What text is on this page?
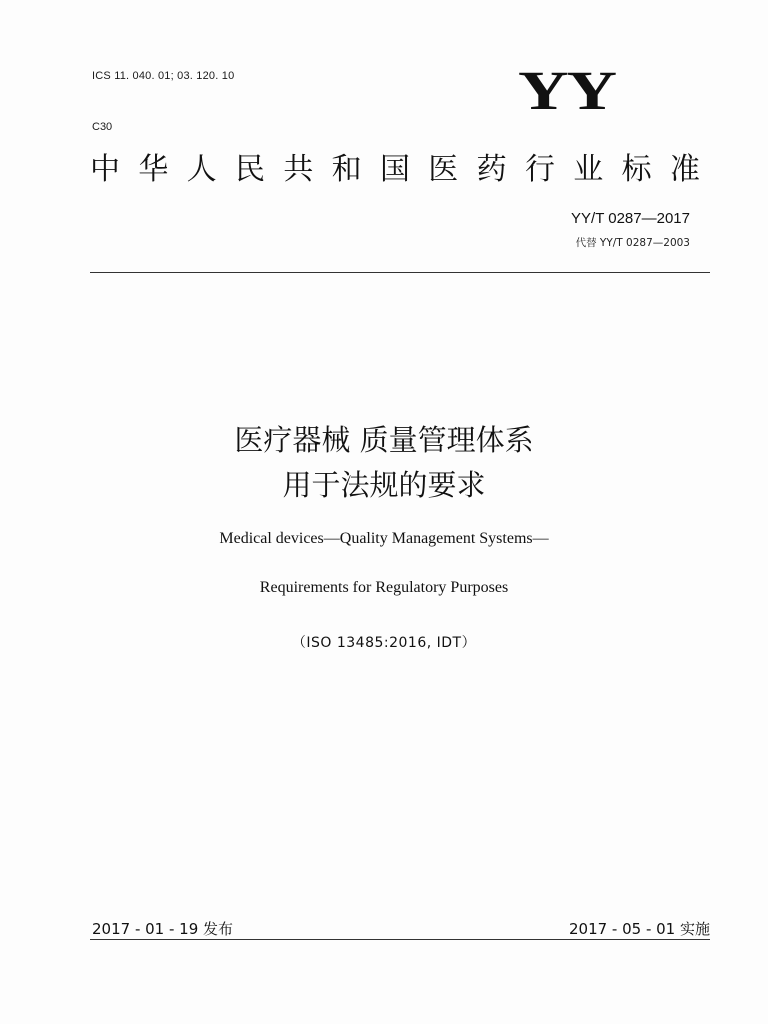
ICS 11. 040. 01; 03. 120. 10
C30
YY
中 华 人 民 共 和 国 医 药 行 业 标 准
YY/T 0287—2017
代替 YY/T 0287—2003
医疗器械 质量管理体系
用于法规的要求
Medical devices—Quality Management Systems—
Requirements for Regulatory Purposes
（ISO 13485:2016, IDT）
2017 - 01 - 19 发布	2017 - 05 - 01 实施
